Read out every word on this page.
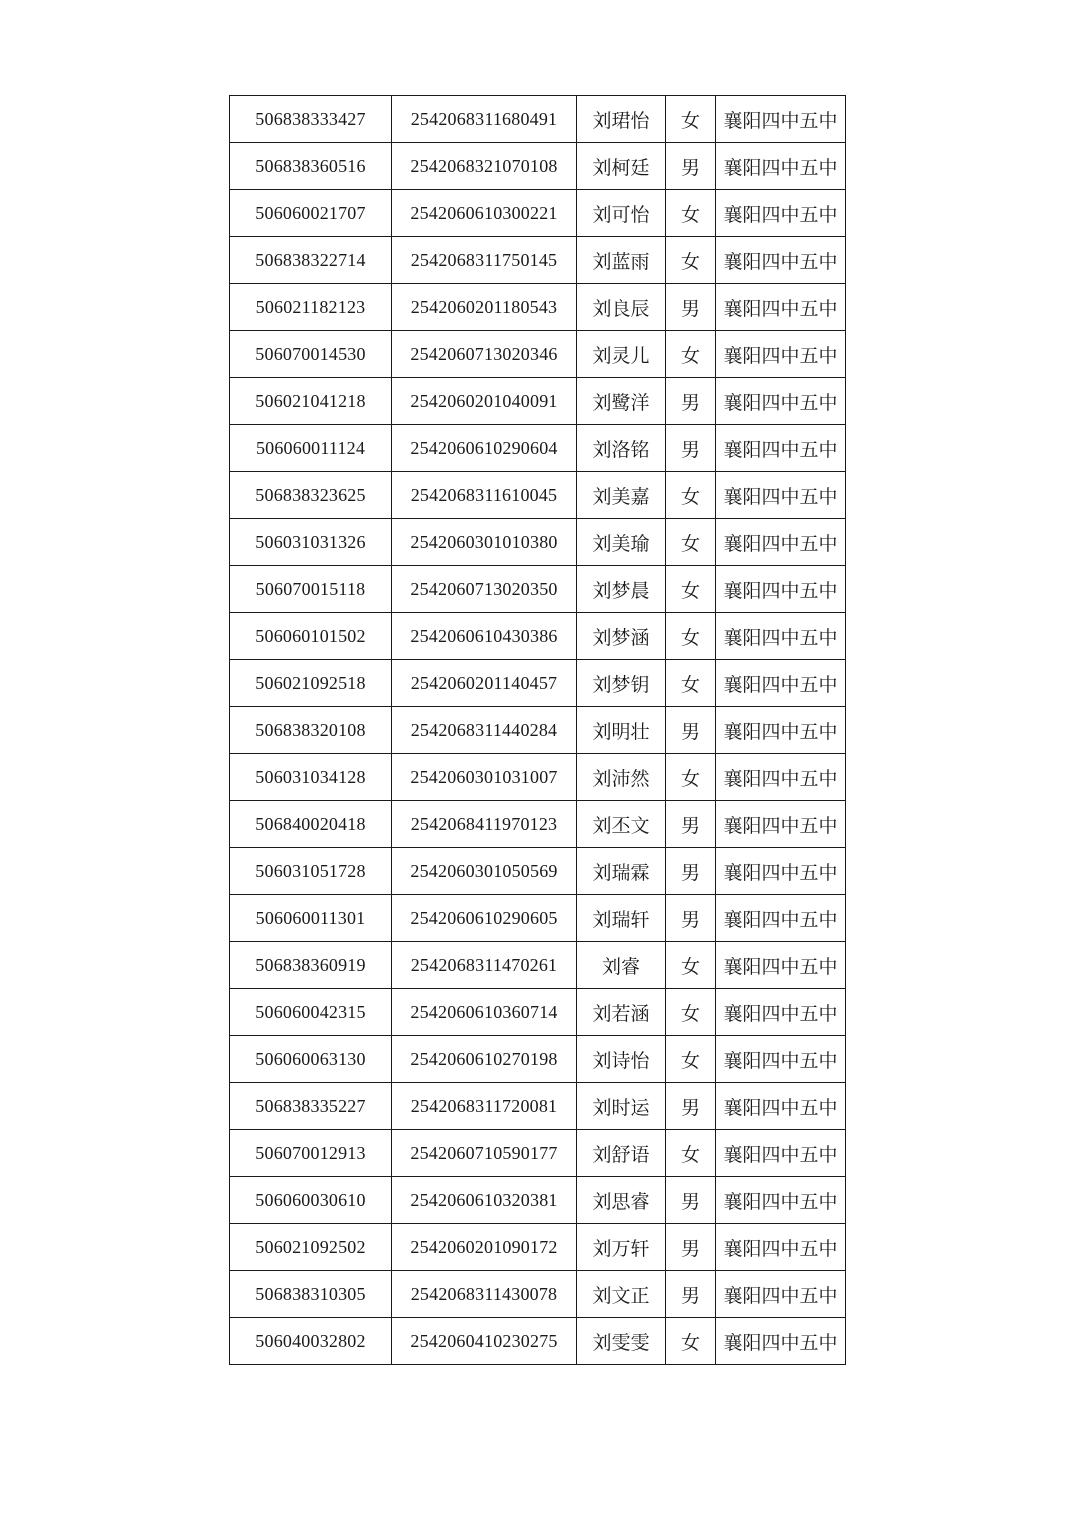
506838333427	2542068311680491	刘珺怡	女	襄阳四中五中
506838360516	2542068321070108	刘柯廷	男	襄阳四中五中
506060021707	2542060610300221	刘可怡	女	襄阳四中五中
506838322714	2542068311750145	刘蓝雨	女	襄阳四中五中
506021182123	2542060201180543	刘良辰	男	襄阳四中五中
506070014530	2542060713020346	刘灵儿	女	襄阳四中五中
506021041218	2542060201040091	刘鹭洋	男	襄阳四中五中
506060011124	2542060610290604	刘洛铭	男	襄阳四中五中
506838323625	2542068311610045	刘美嘉	女	襄阳四中五中
506031031326	2542060301010380	刘美瑜	女	襄阳四中五中
506070015118	2542060713020350	刘梦晨	女	襄阳四中五中
506060101502	2542060610430386	刘梦涵	女	襄阳四中五中
506021092518	2542060201140457	刘梦钥	女	襄阳四中五中
506838320108	2542068311440284	刘明壮	男	襄阳四中五中
506031034128	2542060301031007	刘沛然	女	襄阳四中五中
506840020418	2542068411970123	刘丕文	男	襄阳四中五中
506031051728	2542060301050569	刘瑞霖	男	襄阳四中五中
506060011301	2542060610290605	刘瑞轩	男	襄阳四中五中
506838360919	2542068311470261	刘睿	女	襄阳四中五中
506060042315	2542060610360714	刘若涵	女	襄阳四中五中
506060063130	2542060610270198	刘诗怡	女	襄阳四中五中
506838335227	2542068311720081	刘时运	男	襄阳四中五中
506070012913	2542060710590177	刘舒语	女	襄阳四中五中
506060030610	2542060610320381	刘思睿	男	襄阳四中五中
506021092502	2542060201090172	刘万轩	男	襄阳四中五中
506838310305	2542068311430078	刘文正	男	襄阳四中五中
506040032802	2542060410230275	刘雯雯	女	襄阳四中五中
